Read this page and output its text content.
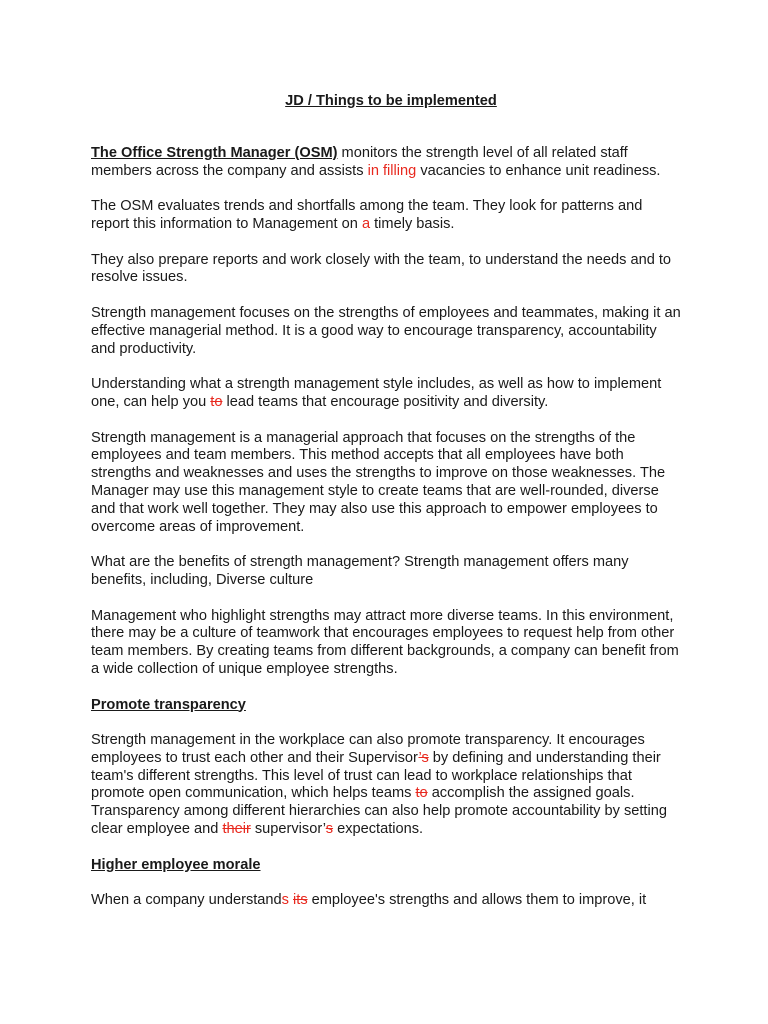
JD / Things to be implemented

The Office Strength Manager (OSM) monitors the strength level of all related staff members across the company and assists in filling vacancies to enhance unit readiness.

The OSM evaluates trends and shortfalls among the team. They look for patterns and report this information to Management on a timely basis.

They also prepare reports and work closely with the team, to understand the needs and to resolve issues.

Strength management focuses on the strengths of employees and teammates, making it an effective managerial method. It is a good way to encourage transparency, accountability and productivity.

Understanding what a strength management style includes, as well as how to implement one, can help you to lead teams that encourage positivity and diversity.

Strength management is a managerial approach that focuses on the strengths of the employees and team members. This method accepts that all employees have both strengths and weaknesses and uses the strengths to improve on those weaknesses. The Manager may use this management style to create teams that are well-rounded, diverse and that work well together. They may also use this approach to empower employees to overcome areas of improvement.

What are the benefits of strength management? Strength management offers many benefits, including, Diverse culture

Management who highlight strengths may attract more diverse teams. In this environment, there may be a culture of teamwork that encourages employees to request help from other team members. By creating teams from different backgrounds, a company can benefit from a wide collection of unique employee strengths.

Promote transparency

Strength management in the workplace can also promote transparency. It encourages employees to trust each other and their Supervisor’s by defining and understanding their team's different strengths. This level of trust can lead to workplace relationships that promote open communication, which helps teams to accomplish the assigned goals. Transparency among different hierarchies can also help promote accountability by setting clear employee and their supervisor’s expectations.

Higher employee morale

When a company understands its employee's strengths and allows them to improve, it
